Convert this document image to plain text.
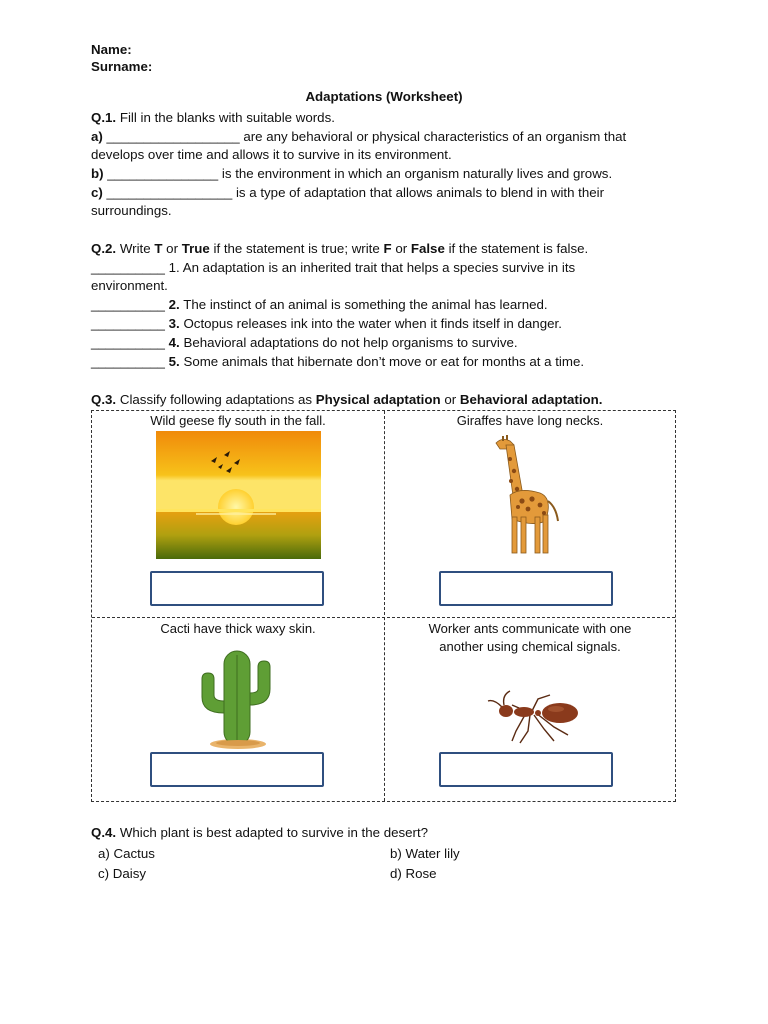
Name:
Surname:
Adaptations (Worksheet)
Q.1. Fill in the blanks with suitable words.
a) __________________ are any behavioral or physical characteristics of an organism that
develops over time and allows it to survive in its environment.
b) _______________ is the environment in which an organism naturally lives and grows.
c) _________________ is a type of adaptation that allows animals to blend in with their
surroundings.
Q.2. Write T or True if the statement is true; write F or False if the statement is false.
__________ 1. An adaptation is an inherited trait that helps a species survive in its
environment.
__________ 2. The instinct of an animal is something the animal has learned.
__________ 3. Octopus releases ink into the water when it finds itself in danger.
__________ 4. Behavioral adaptations do not help organisms to survive.
__________ 5. Some animals that hibernate don’t move or eat for months at a time.
Q.3. Classify following adaptations as Physical adaptation or Behavioral adaptation.
Wild geese fly south in the fall.	Giraffes have long necks.
Cacti have thick waxy skin.	Worker ants communicate with one
another using chemical signals.
Q.4. Which plant is best adapted to survive in the desert?
a) Cactus	b) Water lily
c) Daisy	d) Rose
